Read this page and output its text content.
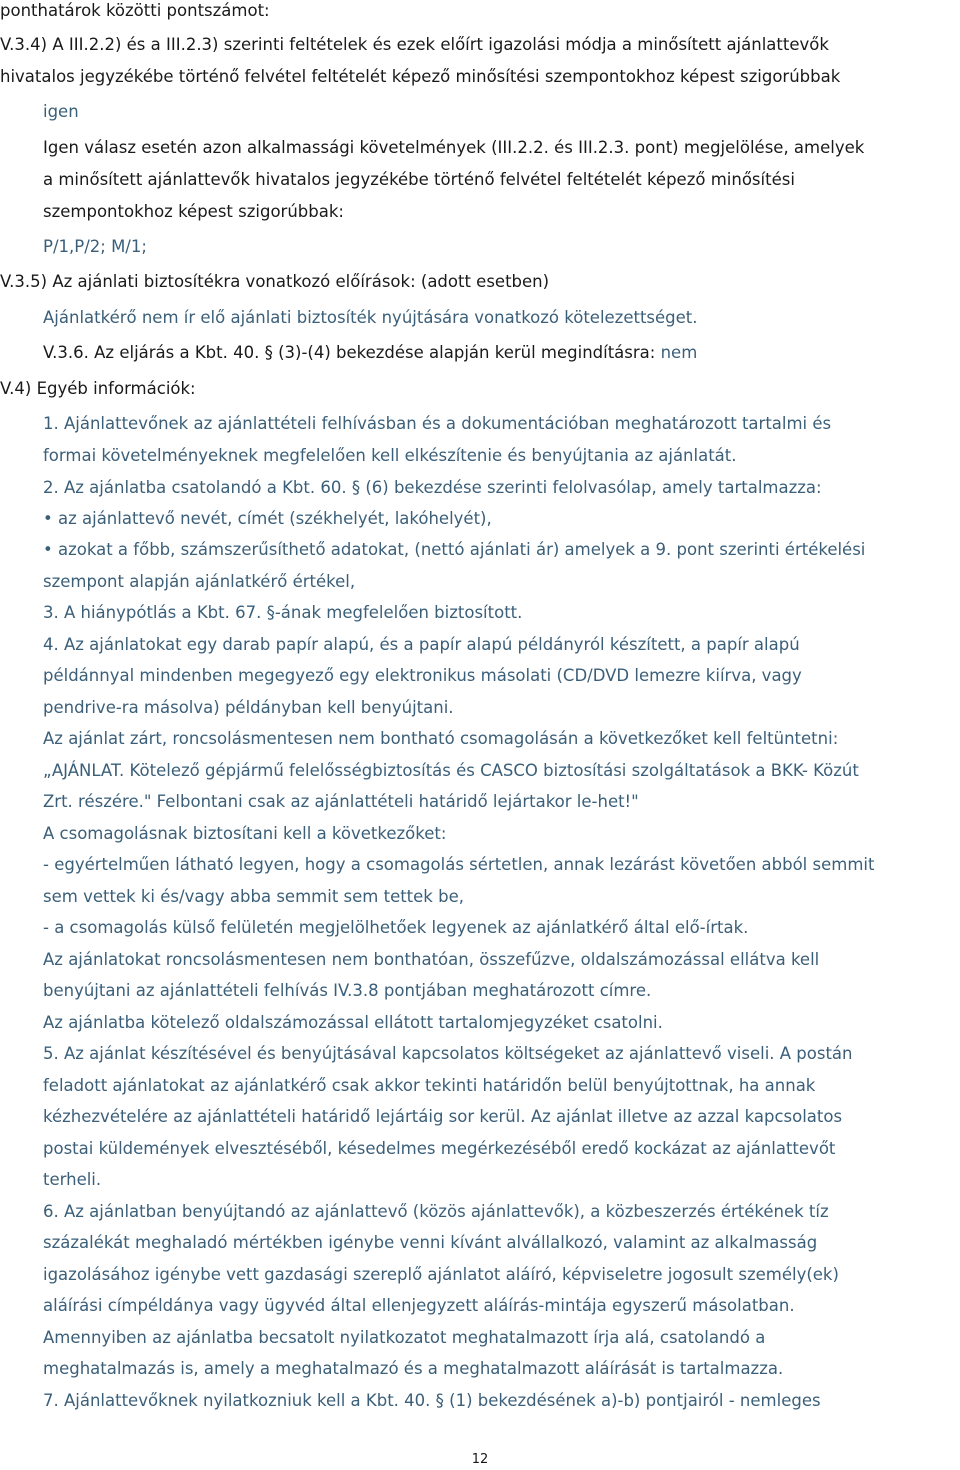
ponthatárok közötti pontszámot:
V.3.4) A III.2.2) és a III.2.3) szerinti feltételek és ezek előírt igazolási módja a minősített ajánlattevők
hivatalos jegyzékébe történő felvétel feltételét képező minősítési szempontokhoz képest szigorúbbak
igen
Igen válasz esetén azon alkalmassági követelmények (III.2.2. és III.2.3. pont) megjelölése, amelyek
a minősített ajánlattevők hivatalos jegyzékébe történő felvétel feltételét képező minősítési
szempontokhoz képest szigorúbbak:
P/1,P/2; M/1;
V.3.5) Az ajánlati biztosítékra vonatkozó előírások: (adott esetben)
Ajánlatkérő nem ír elő ajánlati biztosíték nyújtására vonatkozó kötelezettséget.
V.3.6. Az eljárás a Kbt. 40. § (3)-(4) bekezdése alapján kerül megindításra: nem
V.4) Egyéb információk:
1. Ajánlattevőnek az ajánlattételi felhívásban és a dokumentációban meghatározott tartalmi és
formai követelményeknek megfelelően kell elkészítenie és benyújtania az ajánlatát.
2. Az ajánlatba csatolandó a Kbt. 60. § (6) bekezdése szerinti felolvasólap, amely tartalmazza:
• az ajánlattevő nevét, címét (székhelyét, lakóhelyét),
• azokat a főbb, számszerűsíthető adatokat, (nettó ajánlati ár) amelyek a 9. pont szerinti értékelési
szempont alapján ajánlatkérő értékel,
3. A hiánypótlás a Kbt. 67. §-ának megfelelően biztosított.
4. Az ajánlatokat egy darab papír alapú, és a papír alapú példányról készített, a papír alapú
példánnyal mindenben megegyező egy elektronikus másolati (CD/DVD lemezre kiírva, vagy
pendrive-ra másolva) példányban kell benyújtani.
Az ajánlat zárt, roncsolásmentesen nem bontható csomagolásán a következőket kell feltüntetni:
„AJÁNLAT. Kötelező gépjármű felelősségbiztosítás és CASCO biztosítási szolgáltatások a BKK- Közút
Zrt. részére." Felbontani csak az ajánlattételi határidő lejártakor le-het!"
A csomagolásnak biztosítani kell a következőket:
- egyértelműen látható legyen, hogy a csomagolás sértetlen, annak lezárást követően abból semmit
sem vettek ki és/vagy abba semmit sem tettek be,
- a csomagolás külső felületén megjelölhetőek legyenek az ajánlatkérő által elő-írtak.
Az ajánlatokat roncsolásmentesen nem bonthatóan, összefűzve, oldalszámozással ellátva kell
benyújtani az ajánlattételi felhívás IV.3.8 pontjában meghatározott címre.
Az ajánlatba kötelező oldalszámozással ellátott tartalomjegyzéket csatolni.
5. Az ajánlat készítésével és benyújtásával kapcsolatos költségeket az ajánlattevő viseli. A postán
feladott ajánlatokat az ajánlatkérő csak akkor tekinti határidőn belül benyújtottnak, ha annak
kézhezvételére az ajánlattételi határidő lejártáig sor kerül. Az ajánlat illetve az azzal kapcsolatos
postai küldemények elvesztéséből, késedelmes megérkezéséből eredő kockázat az ajánlattevőt
terheli.
6. Az ajánlatban benyújtandó az ajánlattevő (közös ajánlattevők), a közbeszerzés értékének tíz
százalékát meghaladó mértékben igénybe venni kívánt alvállalkozó, valamint az alkalmasság
igazolásához igénybe vett gazdasági szereplő ajánlatot aláíró, képviseletre jogosult személy(ek)
aláírási címpéldánya vagy ügyvéd által ellenjegyzett aláírás-mintája egyszerű másolatban.
Amennyiben az ajánlatba becsatolt nyilatkozatot meghatalmazott írja alá, csatolandó a
meghatalmazás is, amely a meghatalmazó és a meghatalmazott aláírását is tartalmazza.
7. Ajánlattevőknek nyilatkozniuk kell a Kbt. 40. § (1) bekezdésének a)-b) pontjairól - nemleges
12
